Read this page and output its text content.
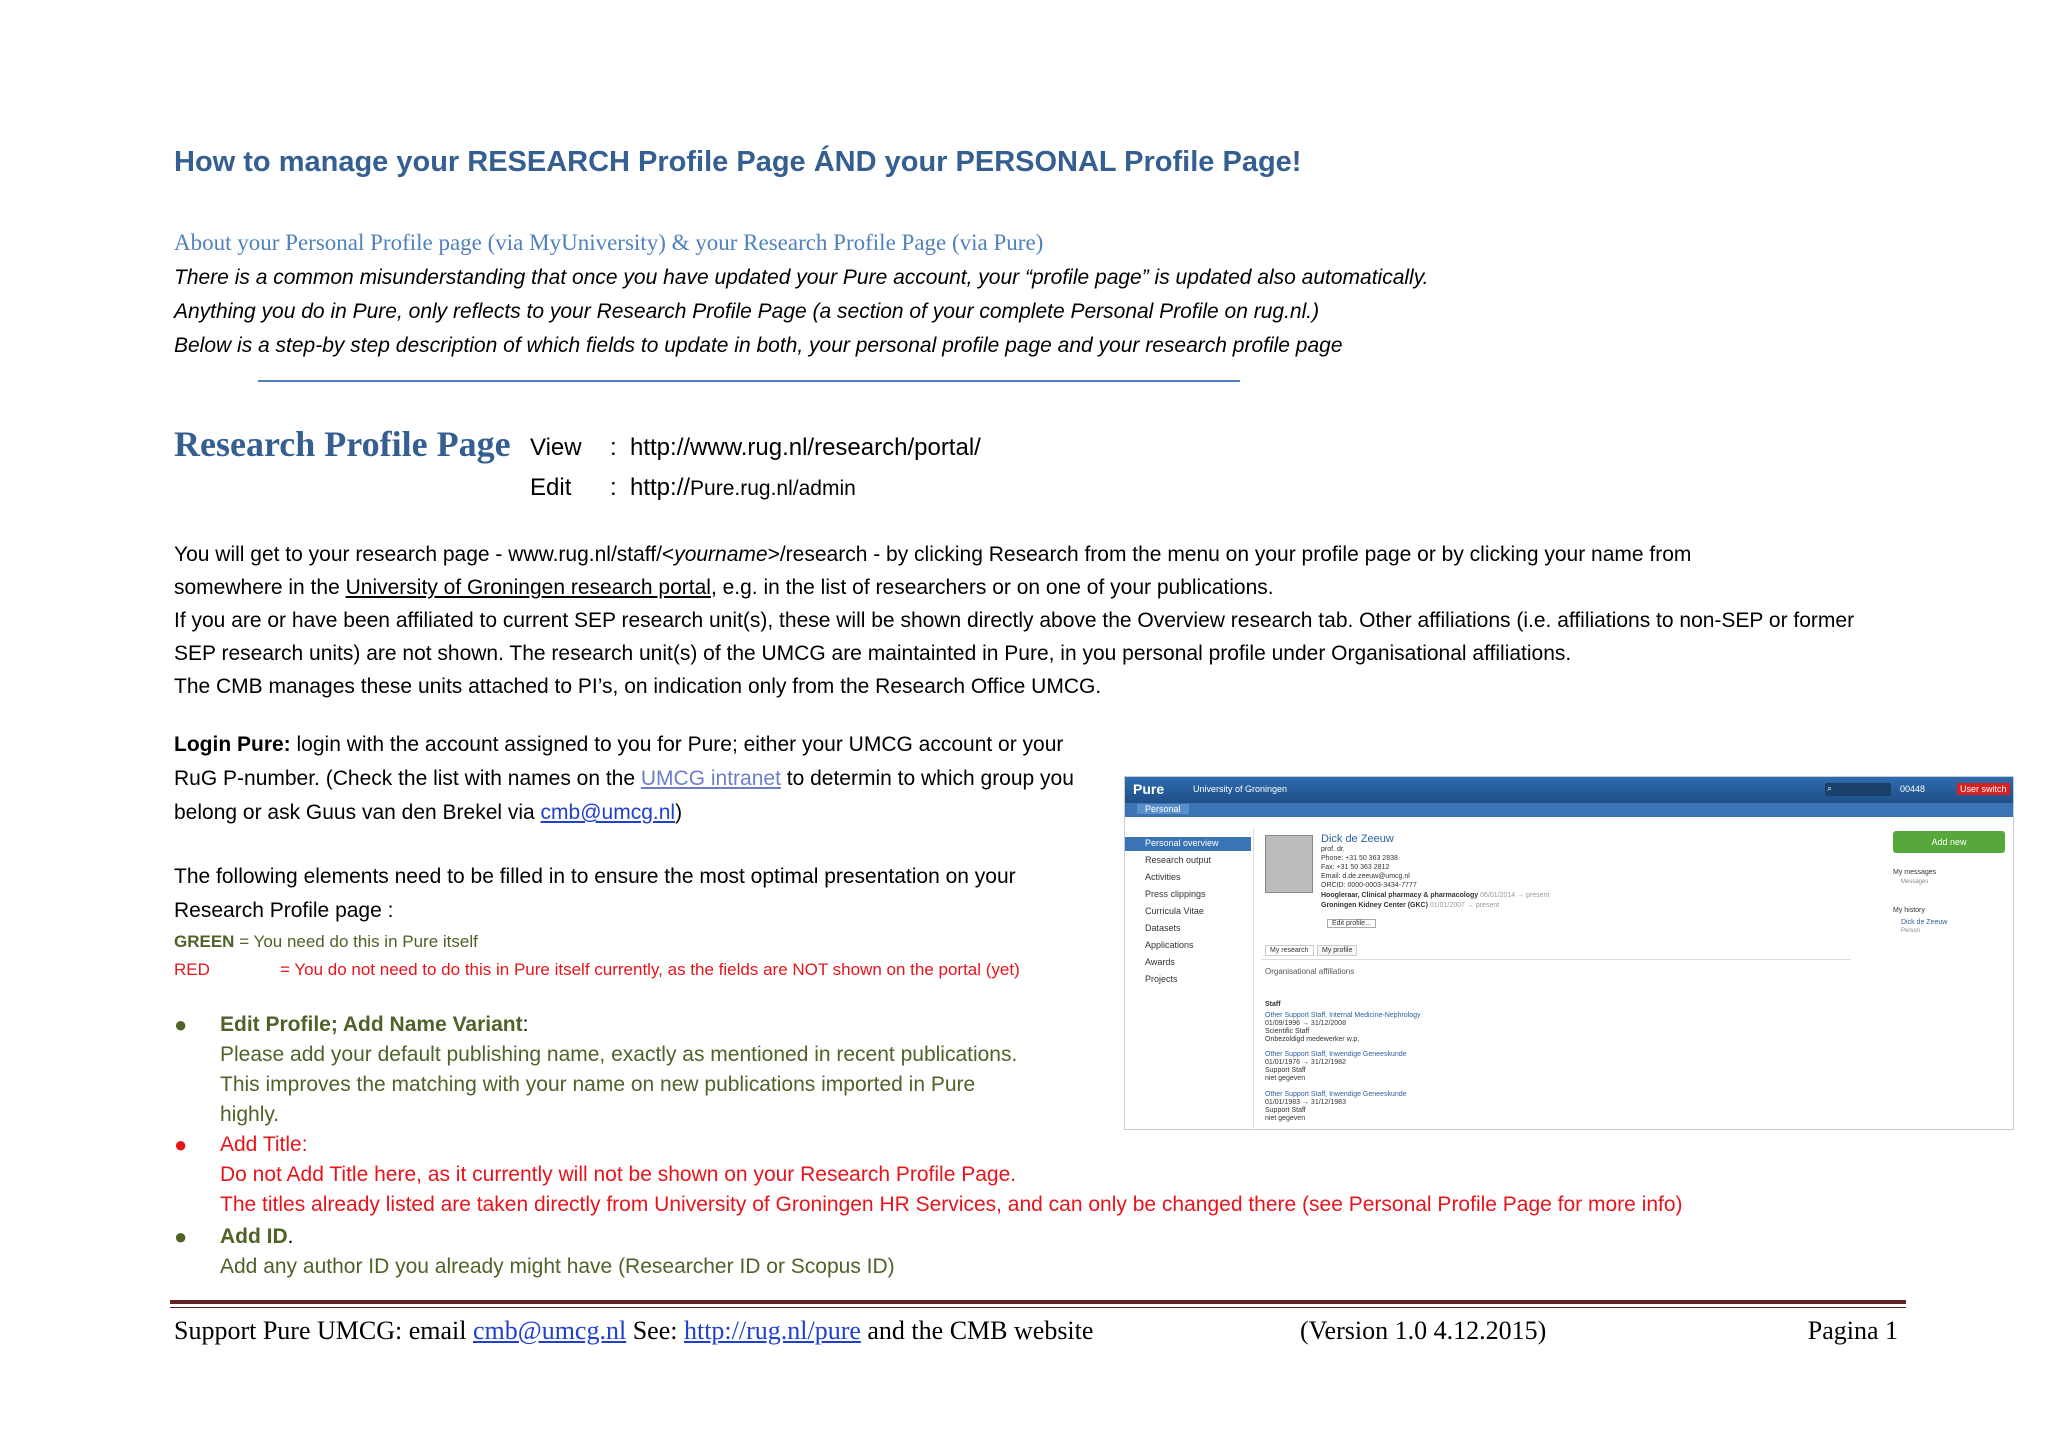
How to manage your RESEARCH Profile Page ÁND your PERSONAL Profile Page!
About your Personal Profile page (via MyUniversity) & your Research Profile Page (via Pure)
There is a common misunderstanding that once you have updated your Pure account, your “profile page” is updated also automatically.
Anything you do in Pure, only reflects to your Research Profile Page (a section of your complete Personal Profile on rug.nl.)
Below is a step-by step description of which fields to update in both, your personal profile page and your research profile page
Research Profile Page View : http://www.rug.nl/research/portal/
Edit : http://Pure.rug.nl/admin
You will get to your research page - www.rug.nl/staff/<yourname>/research - by clicking Research from the menu on your profile page or by clicking your name from
somewhere in the University of Groningen research portal, e.g. in the list of researchers or on one of your publications.
If you are or have been affiliated to current SEP research unit(s), these will be shown directly above the Overview research tab. Other affiliations (i.e. affiliations to non-SEP or former SEP research units) are not shown. The research unit(s) of the UMCG are maintainted in Pure, in you personal profile under Organisational affiliations.
The CMB manages these units attached to PI’s, on indication only from the Research Office UMCG.
Login Pure: login with the account assigned to you for Pure; either your UMCG account or your RuG P-number. (Check the list with names on the UMCG intranet to determin to which group you belong or ask Guus van den Brekel via cmb@umcg.nl)
The following elements need to be filled in to ensure the most optimal presentation on your Research Profile page :
GREEN = You need do this in Pure itself
RED	= You do not need to do this in Pure itself currently, as the fields are NOT shown on the portal (yet)
● Edit Profile; Add Name Variant:
Please add your default publishing name, exactly as mentioned in recent publications.
This improves the matching with your name on new publications imported in Pure
highly.
● Add Title:
Do not Add Title here, as it currently will not be shown on your Research Profile Page.
The titles already listed are taken directly from University of Groningen HR Services, and can only be changed there (see Personal Profile Page for more info)
● Add ID.
Add any author ID you already might have (Researcher ID or Scopus ID)
Pure	University of Groningen	⌕	00448	User switch
Personal
Personal overview
Research output
Activities
Press clippings
Curricula Vitae
Datasets
Applications
Awards
Projects
Dick de Zeeuw
prof. dr.
Phone: +31 50 363 2838
Fax: +31 50 363 2812
Email: d.de.zeeuw@umcg.nl
ORCID: 0000-0003-3434-7777
Hoogleraar, Clinical pharmacy & pharmacology 06/01/2014 → present
Groningen Kidney Center (GKC) 01/01/2007 → present
Edit profile...
My research	My profile
Organisational affiliations
Staff
Other Support Staff, Internal Medicine-Nephrology
01/09/1996 → 31/12/2008
Scientific Staff
Onbezoldigd medewerker w.p.
Other Support Staff, Inwendige Geneeskunde
01/01/1976 → 31/12/1982
Support Staff
niet gegeven
Other Support Staff, Inwendige Geneeskunde
01/01/1983 → 31/12/1983
Support Staff
niet gegeven
Add new
My messages
Messages
My history
Dick de Zeeuw
Person
Support Pure UMCG: email cmb@umcg.nl See: http://rug.nl/pure and the CMB website	(Version 1.0 4.12.2015)	Pagina 1
